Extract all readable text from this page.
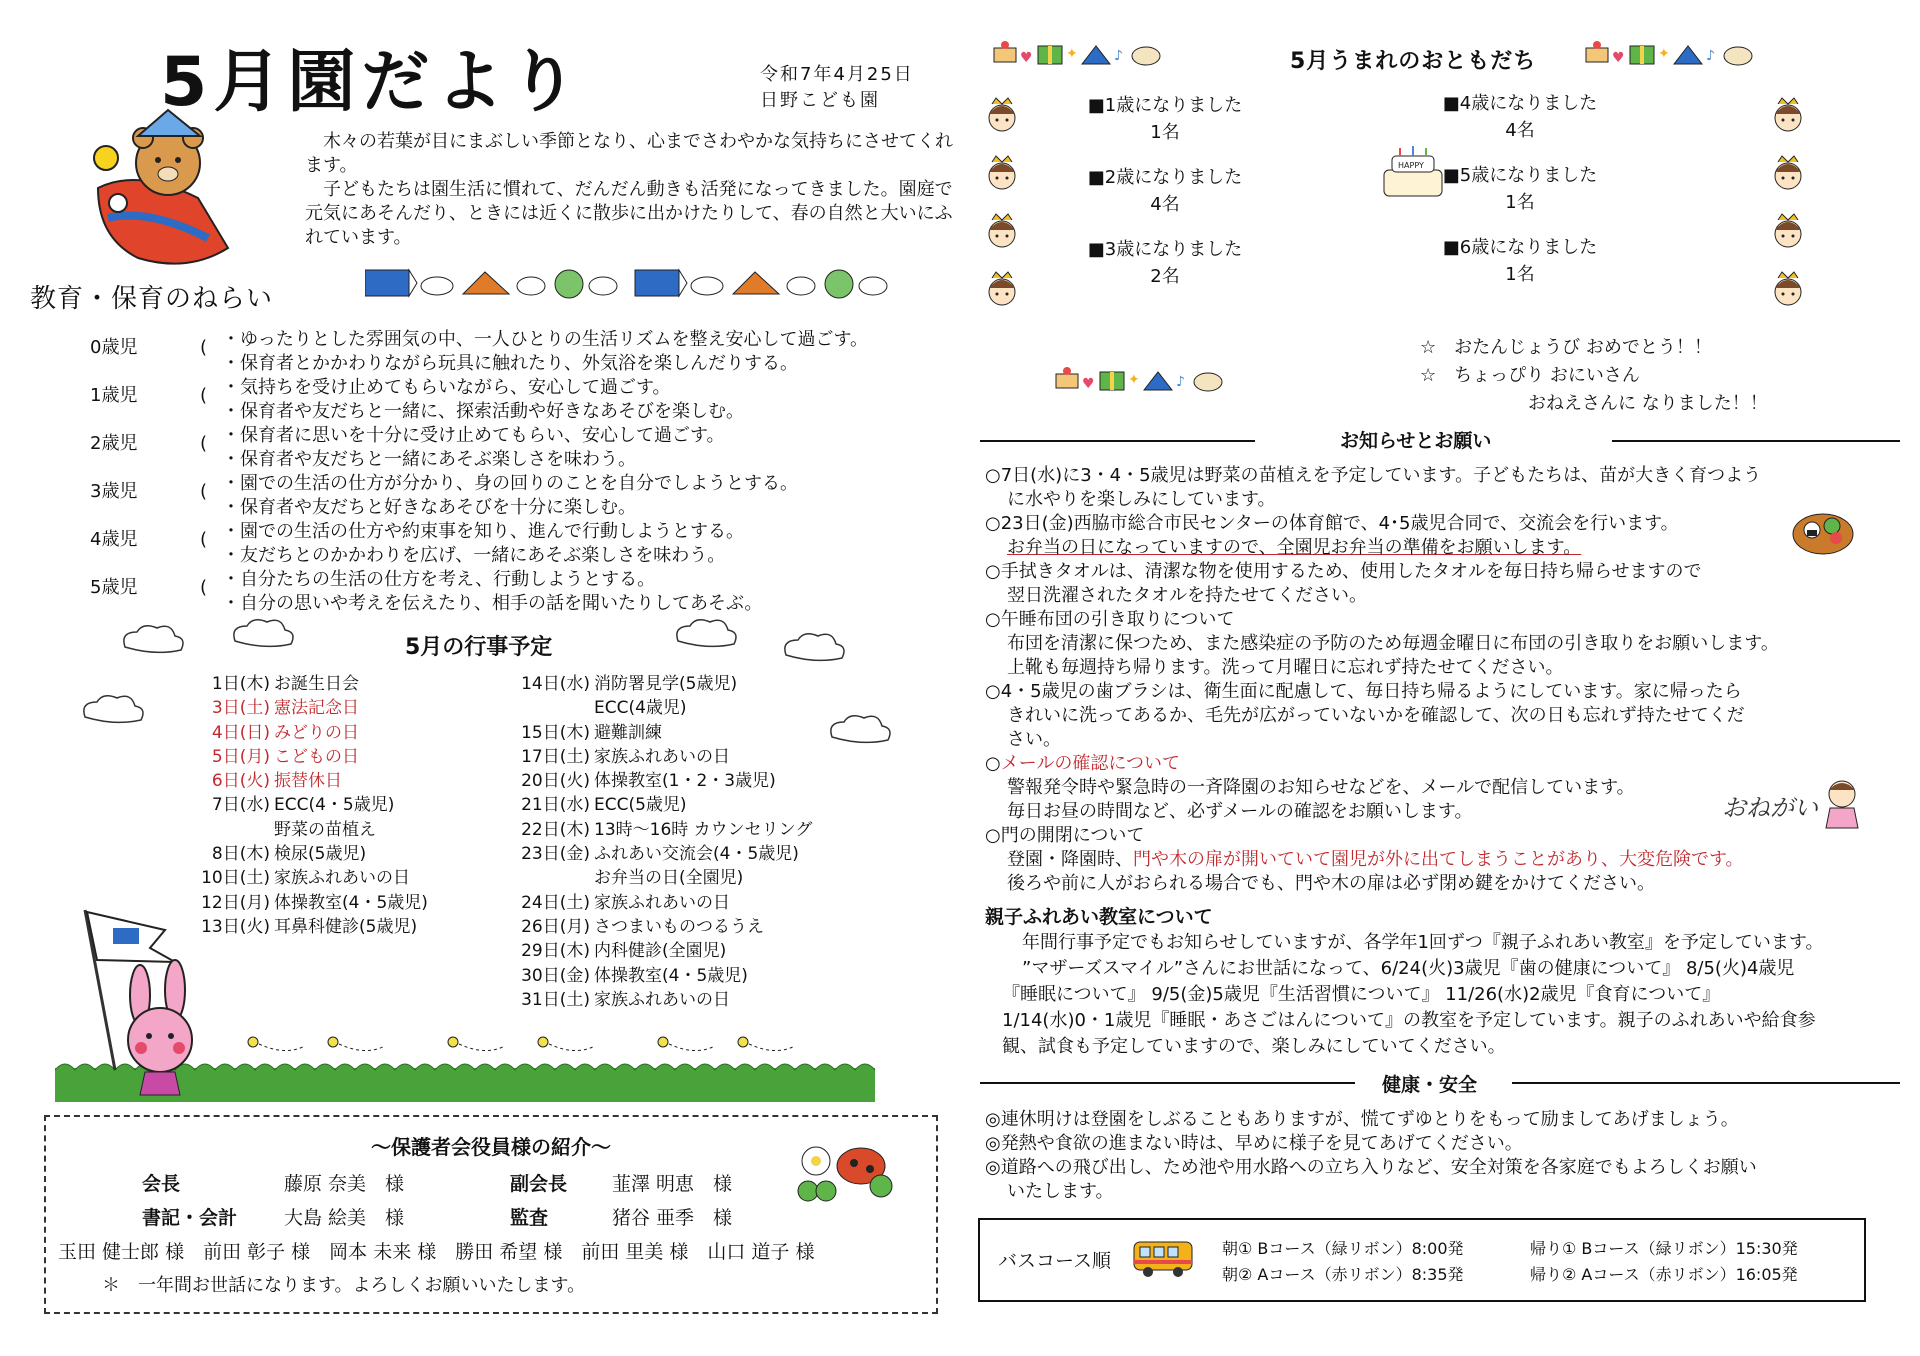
5月園だより	令和7年4月25日
日野こども園

木々の若葉が目にまぶしい季節となり、心までさわやかな気持ちにさせてくれます。

子どもたちは園生活に慣れて、だんだん動きも活発になってきました。園庭で元気にあそんだり、ときには近くに散歩に出かけたりして、春の自然と大いにふれています。

教育・保育のねらい
0歳児	( ・ゆったりとした雰囲気の中、一人ひとりの生活リズムを整え安心して過ごす。
・保育者とかかわりながら玩具に触れたり、外気浴を楽しんだりする。
1歳児	( ・気持ちを受け止めてもらいながら、安心して過ごす。
・保育者や友だちと一緒に、探索活動や好きなあそびを楽しむ。
2歳児	( ・保育者に思いを十分に受け止めてもらい、安心して過ごす。
・保育者や友だちと一緒にあそぶ楽しさを味わう。
3歳児	( ・園での生活の仕方が分かり、身の回りのことを自分でしようとする。
・保育者や友だちと好きなあそびを十分に楽しむ。
4歳児	( ・園での生活の仕方や約束事を知り、進んで行動しようとする。
・友だちとのかかわりを広げ、一緒にあそぶ楽しさを味わう。
5歳児	( ・自分たちの生活の仕方を考え、行動しようとする。
・自分の思いや考えを伝えたり、相手の話を聞いたりしてあそぶ。
5月の行事予定
1日(木) お誕生日会
3日(土) 憲法記念日
4日(日) みどりの日
5日(月) こどもの日
6日(火) 振替休日
7日(水) ECC(4・5歳児)
野菜の苗植え
8日(木) 検尿(5歳児)
10日(土) 家族ふれあいの日
12日(月) 体操教室(4・5歳児)
13日(火) 耳鼻科健診(5歳児)
14日(水) 消防署見学(5歳児)
ECC(4歳児)
15日(木) 避難訓練
17日(土) 家族ふれあいの日
20日(火) 体操教室(1・2・3歳児)
21日(水) ECC(5歳児)
22日(木) 13時～16時 カウンセリング
23日(金) ふれあい交流会(4・5歳児)
お弁当の日(全園児)
24日(土) 家族ふれあいの日
26日(月) さつまいものつるうえ
29日(木) 内科健診(全園児)
30日(金) 体操教室(4・5歳児)
31日(土) 家族ふれあいの日
～保護者会役員様の紹介～
会長	藤原 奈美　様	副会長 韮澤 明恵　様
書記・会計 大島 絵美　様	監査	猪谷 亜季　様
玉田 健士郎 様　前田 彰子 様　岡本 未来 様　勝田 希望 様　前田 里美 様　山口 道子 様
＊　一年間お世話になります。よろしくお願いいたします。
♥ ✦	♪	5月うまれのおともだち
■1歳になりました
1名
■2歳になりました
4名
■3歳になりました
2名
HAPPY
■4歳になりました
4名
■5歳になりました
1名
■6歳になりました
1名
☆　おたんじょうび おめでとう！！
☆　ちょっぴり おにいさん
　　　　　　おねえさんに なりました！！
お知らせとお願い
○7日(水)に3・4・5歳児は野菜の苗植えを予定しています。子どもたちは、苗が大きく育つよう
に水やりを楽しみにしています。
○23日(金)西脇市総合市民センターの体育館で、4･5歳児合同で、交流会を行います。
お弁当の日になっていますので、全園児お弁当の準備をお願いします。
○手拭きタオルは、清潔な物を使用するため、使用したタオルを毎日持ち帰らせますので
翌日洗濯されたタオルを持たせてください。
○午睡布団の引き取りについて
布団を清潔に保つため、また感染症の予防のため毎週金曜日に布団の引き取りをお願いします。
上靴も毎週持ち帰ります。洗って月曜日に忘れず持たせてください。
○4・5歳児の歯ブラシは、衛生面に配慮して、毎日持ち帰るようにしています。家に帰ったら
きれいに洗ってあるか、毛先が広がっていないかを確認して、次の日も忘れず持たせてくだ
さい。
○メールの確認について
警報発令時や緊急時の一斉降園のお知らせなどを、メールで配信しています。
毎日お昼の時間など、必ずメールの確認をお願いします。
○門の開閉について
登園・降園時、門や木の扉が開いていて園児が外に出てしまうことがあり、大変危険です。
後ろや前に人がおられる場合でも、門や木の扉は必ず閉め鍵をかけてください。
おねがい
親子ふれあい教室について
年間行事予定でもお知らせしていますが、各学年1回ずつ『親子ふれあい教室』を予定しています。
”マザーズスマイル”さんにお世話になって、6/24(火)3歳児『歯の健康について』 8/5(火)4歳児
『睡眠について』 9/5(金)5歳児『生活習慣について』 11/26(水)2歳児『食育について』
1/14(水)0・1歳児『睡眠・あさごはんについて』の教室を予定しています。親子のふれあいや給食参
観、試食も予定していますので、楽しみにしていてください。
健康・安全
◎連休明けは登園をしぶることもありますが、慌てずゆとりをもって励ましてあげましょう。
◎発熱や食欲の進まない時は、早めに様子を見てあげてください。
◎道路への飛び出し、ため池や用水路への立ち入りなど、安全対策を各家庭でもよろしくお願い
いたします。
バスコース順
朝① Bコース（緑リボン）8:00発
朝② Aコース（赤リボン）8:35発
帰り① Bコース（緑リボン）15:30発
帰り② Aコース（赤リボン）16:05発
